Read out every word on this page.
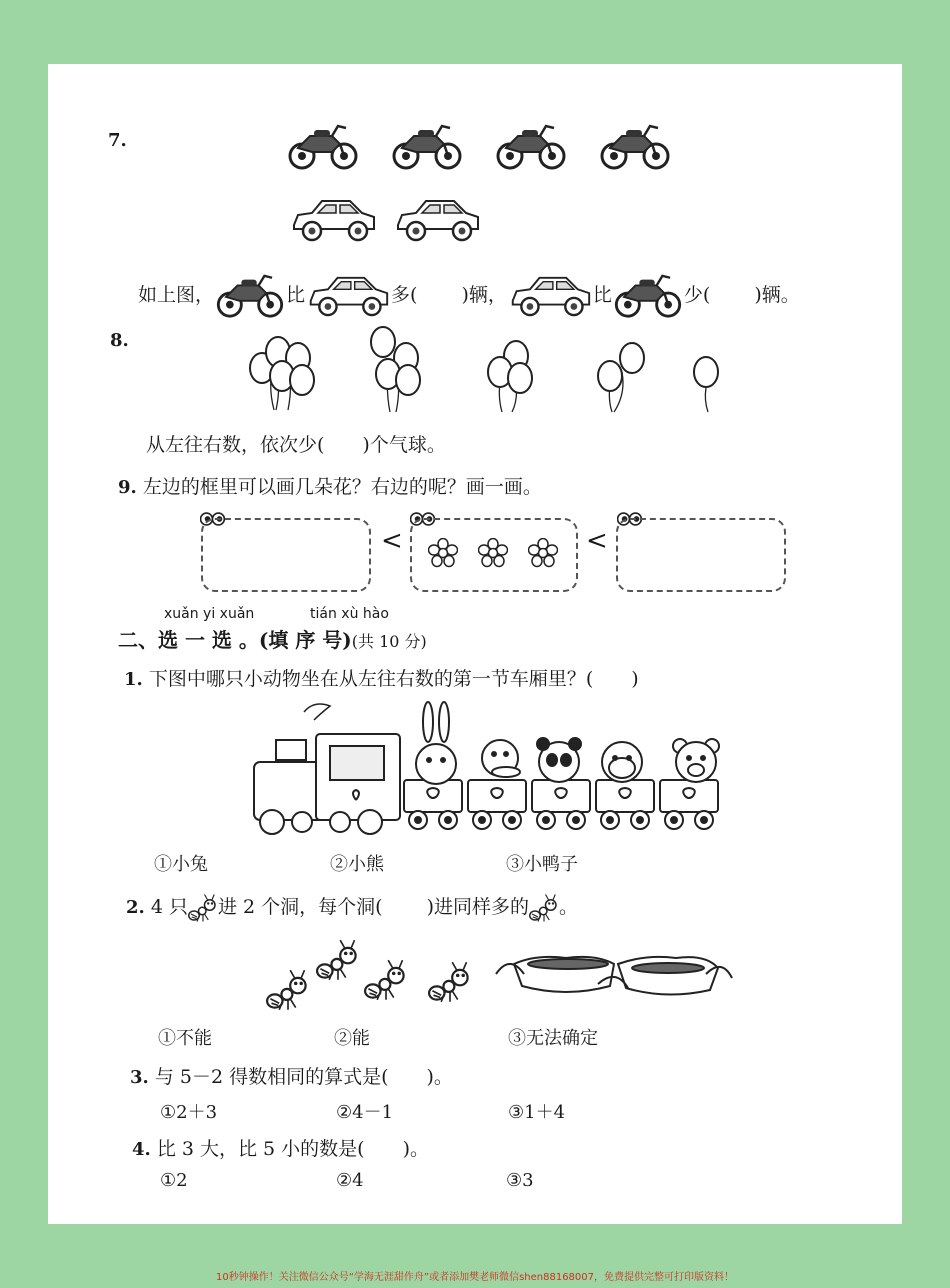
7.
如上图，	比	多( )辆，	比	少( )辆。
8.
从左往右数，依次少(　　)个气球。
9. 左边的框里可以画几朵花？右边的呢？画一画。
<	<
xuǎn yi xuǎn	tián xù hào
二、选 一 选 。(填 序 号)(共 10 分)
1. 下图中哪只小动物坐在从左往右数的第一节车厢里？(　　)
①小兔	②小熊	③小鸭子
2. 4 只 进 2 个洞，每个洞( )进同样多的 。
①不能	②能	③无法确定
3. 与 5－2 得数相同的算式是(　　)。
①2＋3	②4－1	③1＋4
4. 比 3 大，比 5 小的数是(　　)。
①2	②4	③3
10秒钟操作！关注微信公众号“学海无涯甜作舟”或者添加樊老师微信shen88168007，免费提供完整可打印版资料！
